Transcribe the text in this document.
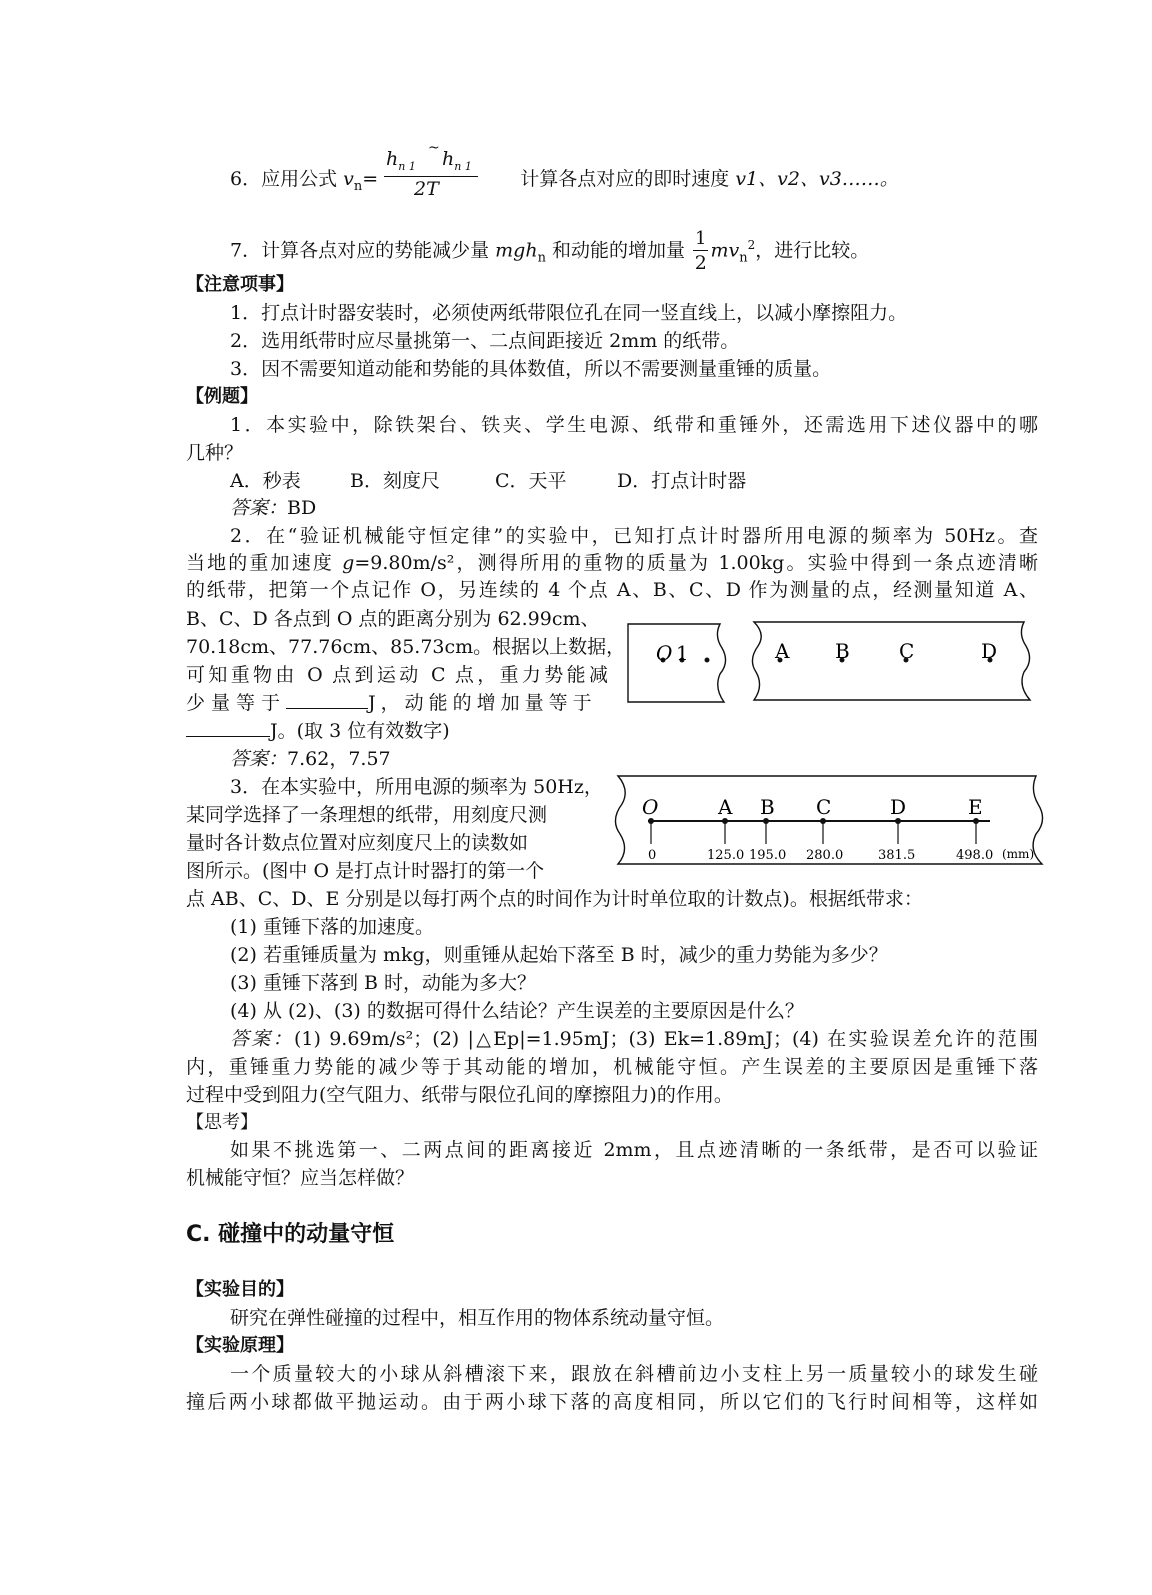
6．应用公式 $v_n=$	计算各点对应的即时速度 v1、v2、v3……。
$h_{n 1}$
~ $h_{n 1}$
2T
7．计算各点对应的势能减少量 mgh$_n$ 和动能的增加量 $\frac{1}{2} mv_n^2$，进行比较。
【注意项事】
1．打点计时器安装时，必须使两纸带限位孔在同一竖直线上，以减小摩擦阻力。
2．选用纸带时应尽量挑第一、二点间距接近 2mm 的纸带。
3．因不需要知道动能和势能的具体数值，所以不需要测量重锤的质量。
【例题】
1．本实验中，除铁架台、铁夹、学生电源、纸带和重锤外，还需选用下述仪器中的哪
几种？
A．秒表	B．刻度尺	C．天平	D．打点计时器
答案：BD
2．在“验证机械能守恒定律”的实验中，已知打点计时器所用电源的频率为 50Hz。查
当地的重加速度 g=9.80m/s²，测得所用的重物的质量为 1.00kg。实验中得到一条点迹清晰
的纸带，把第一个点记作 O，另连续的 4 个点 A、B、C、D 作为测量的点，经测量知道 A、
B、C、D 各点到 O 点的距离分别为 62.99cm、
70.18cm、77.76cm、85.73cm。根据以上数据，
可知重物由 O 点到运动 C 点，重力势能减
少量等于	J，动能的增加量等于
J。(取 3 位有效数字)
答案：7.62，7.57
O 1	A B C	D
3．在本实验中，所用电源的频率为 50Hz，
某同学选择了一条理想的纸带，用刻度尺测
量时各计数点位置对应刻度尺上的读数如
图所示。(图中 O 是打点计时器打的第一个
点 AB、C、D、E 分别是以每打两个点的时间作为计时单位取的计数点)。根据纸带求：
O	A B C	D	E
0	125.0 195.0 280.0	381.5	498.0 (mm)
(1) 重锤下落的加速度。
(2) 若重锤质量为 mkg，则重锤从起始下落至 B 时，减少的重力势能为多少？
(3) 重锤下落到 B 时，动能为多大？
(4) 从 (2)、(3) 的数据可得什么结论？产生误差的主要原因是什么？
答案：(1) 9.69m/s²；(2) |△Ep|=1.95mJ；(3) Ek=1.89mJ；(4) 在实验误差允许的范围
内，重锤重力势能的减少等于其动能的增加，机械能守恒。产生误差的主要原因是重锤下落
过程中受到阻力(空气阻力、纸带与限位孔间的摩擦阻力)的作用。
【思考】
如果不挑选第一、二两点间的距离接近 2mm，且点迹清晰的一条纸带，是否可以验证
机械能守恒？应当怎样做？
C. 碰撞中的动量守恒
【实验目的】
研究在弹性碰撞的过程中，相互作用的物体系统动量守恒。
【实验原理】
一个质量较大的小球从斜槽滚下来，跟放在斜槽前边小支柱上另一质量较小的球发生碰
撞后两小球都做平抛运动。由于两小球下落的高度相同，所以它们的飞行时间相等，这样如
